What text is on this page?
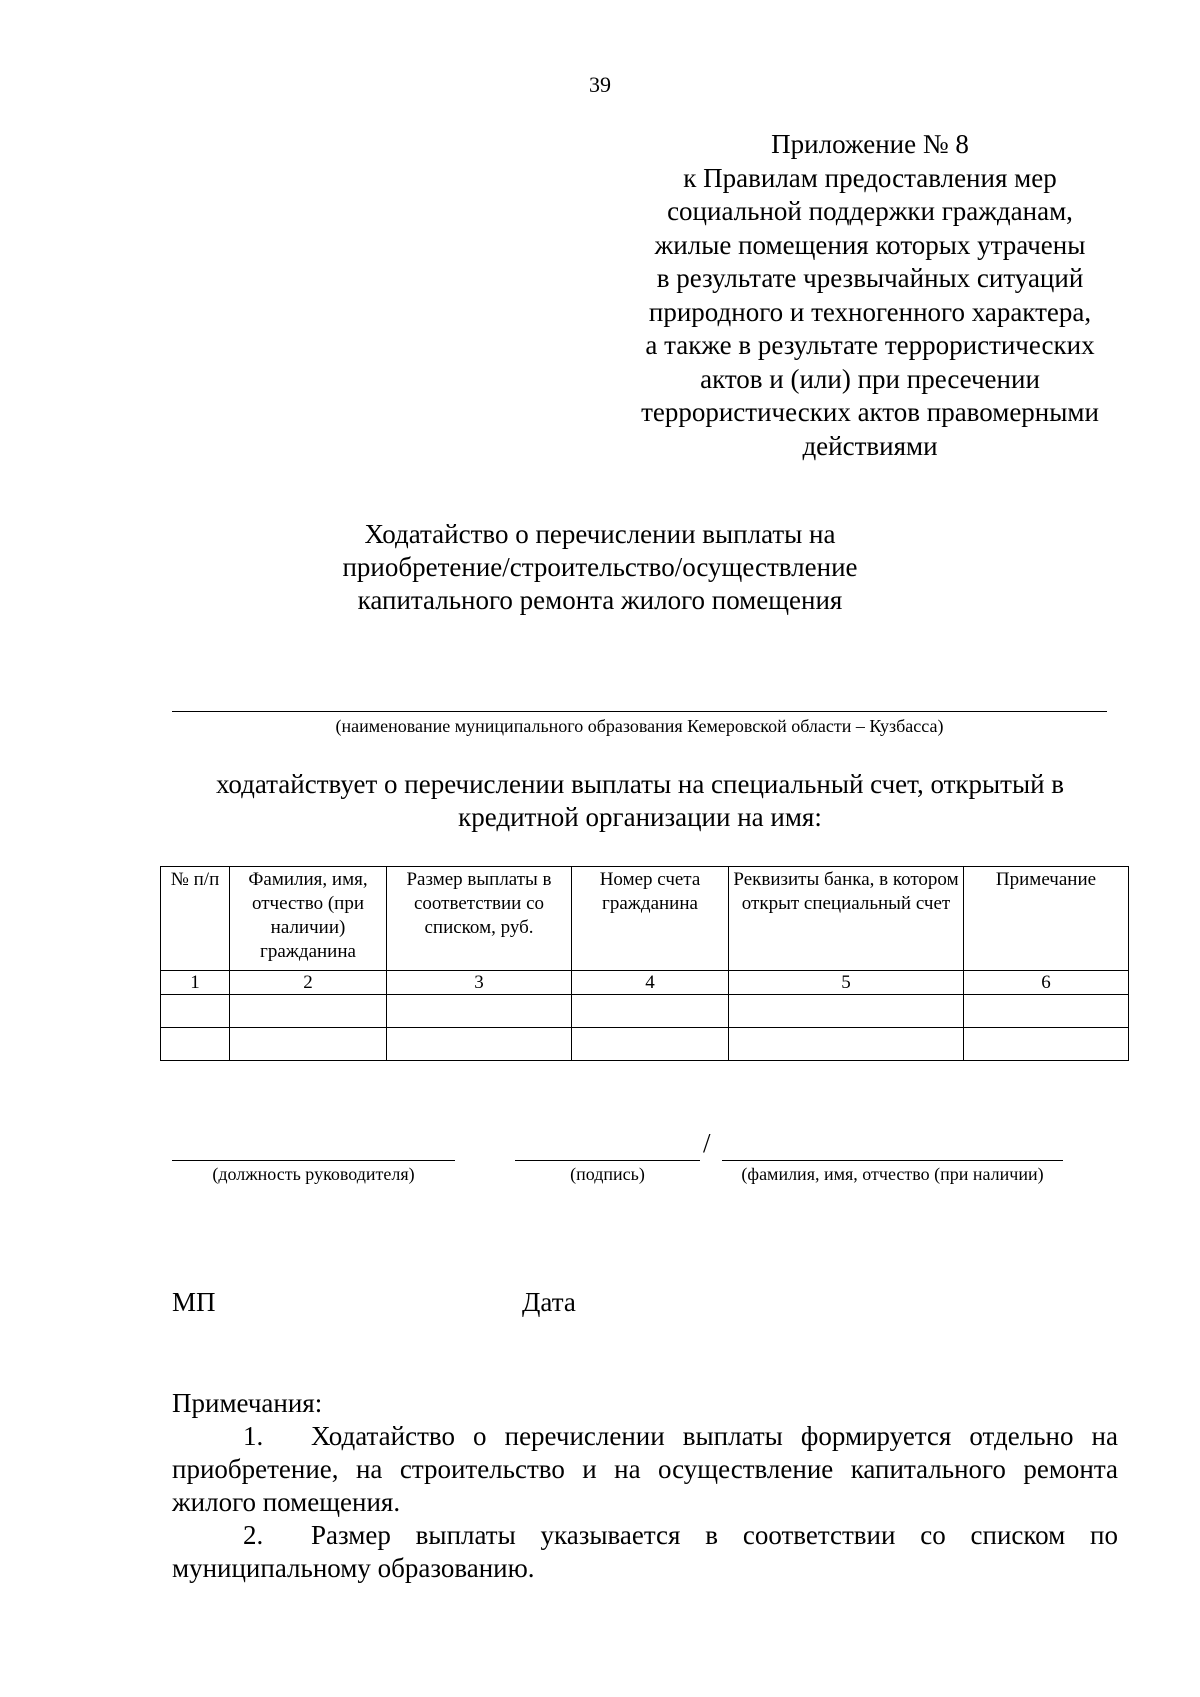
39
Приложение № 8
к Правилам предоставления мер
социальной поддержки гражданам,
жилые помещения которых утрачены
в результате чрезвычайных ситуаций
природного и техногенного характера,
а также в результате террористических
актов и (или) при пресечении
террористических актов правомерными
действиями
Ходатайство о перечислении выплаты на
приобретение/строительство/осуществление
капитального ремонта жилого помещения
(наименование муниципального образования Кемеровской области – Кузбасса)
ходатайствует о перечислении выплаты на специальный счет, открытый в
кредитной организации на имя:
№ п/п	Фамилия, имя, отчество (при наличии) гражданина	Размер выплаты в соответствии со списком, руб.	Номер счета гражданина	Реквизиты банка, в котором открыт специальный счет	Примечание
1	2	3	4	5	6

/
(должность руководителя)	(подпись)	(фамилия, имя, отчество (при наличии)
МП	Дата

Примечания:

1. Ходатайство о перечислении выплаты формируется отдельно на приобретение, на строительство и на осуществление капитального ремонта жилого помещения.

2. Размер выплаты указывается в соответствии со списком по муниципальному образованию.
